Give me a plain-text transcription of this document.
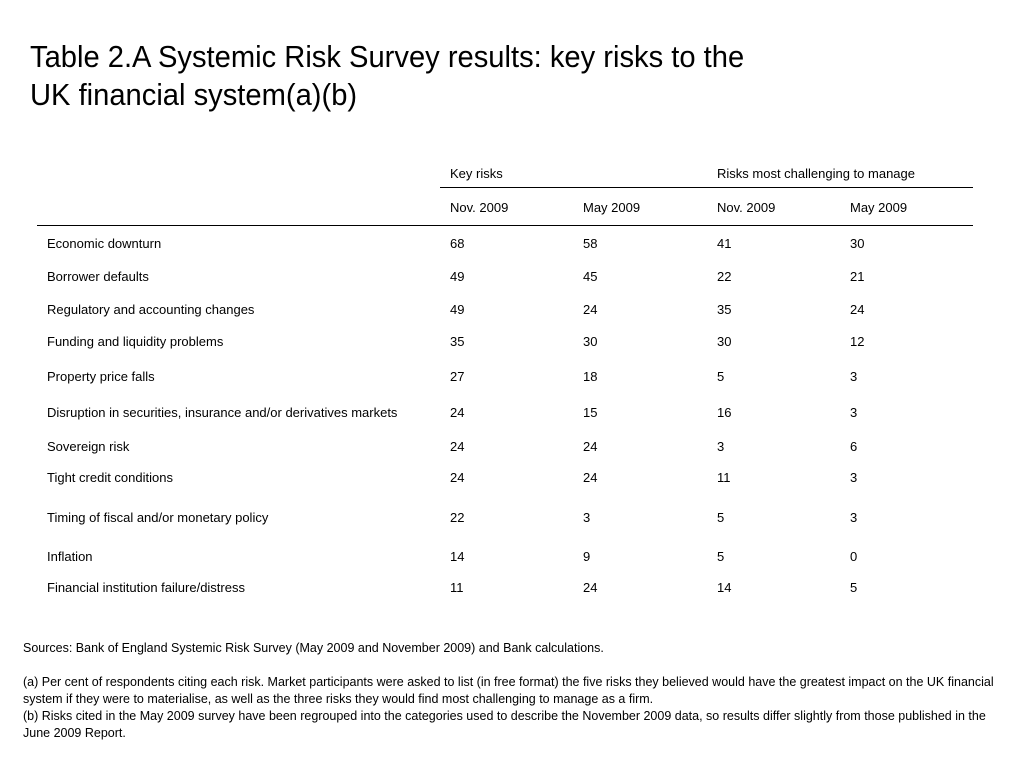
Table 2.A Systemic Risk Survey results: key risks to the
UK financial system(a)(b)
Key risks	Risks most challenging to manage
Nov. 2009	May 2009	Nov. 2009	May 2009
Economic downturn	68	58	41	30
Borrower defaults	49	45	22	21
Regulatory and accounting changes	49	24	35	24
Funding and liquidity problems	35	30	30	12
Property price falls	27	18	5	3
Disruption in securities, insurance and/or derivatives markets	24	15	16	3
Sovereign risk	24	24	3	6
Tight credit conditions	24	24	11	3
Timing of fiscal and/or monetary policy	22	3	5	3
Inflation	14	9	5	0
Financial institution failure/distress	11	24	14	5
Sources: Bank of England Systemic Risk Survey (May 2009 and November 2009) and Bank calculations.
(a) Per cent of respondents citing each risk. Market participants were asked to list (in free format) the five risks they believed would have the greatest impact on the UK financial system if they were to materialise, as well as the three risks they would find most challenging to manage as a firm.
(b) Risks cited in the May 2009 survey have been regrouped into the categories used to describe the November 2009 data, so results differ slightly from those published in the June 2009 Report.
